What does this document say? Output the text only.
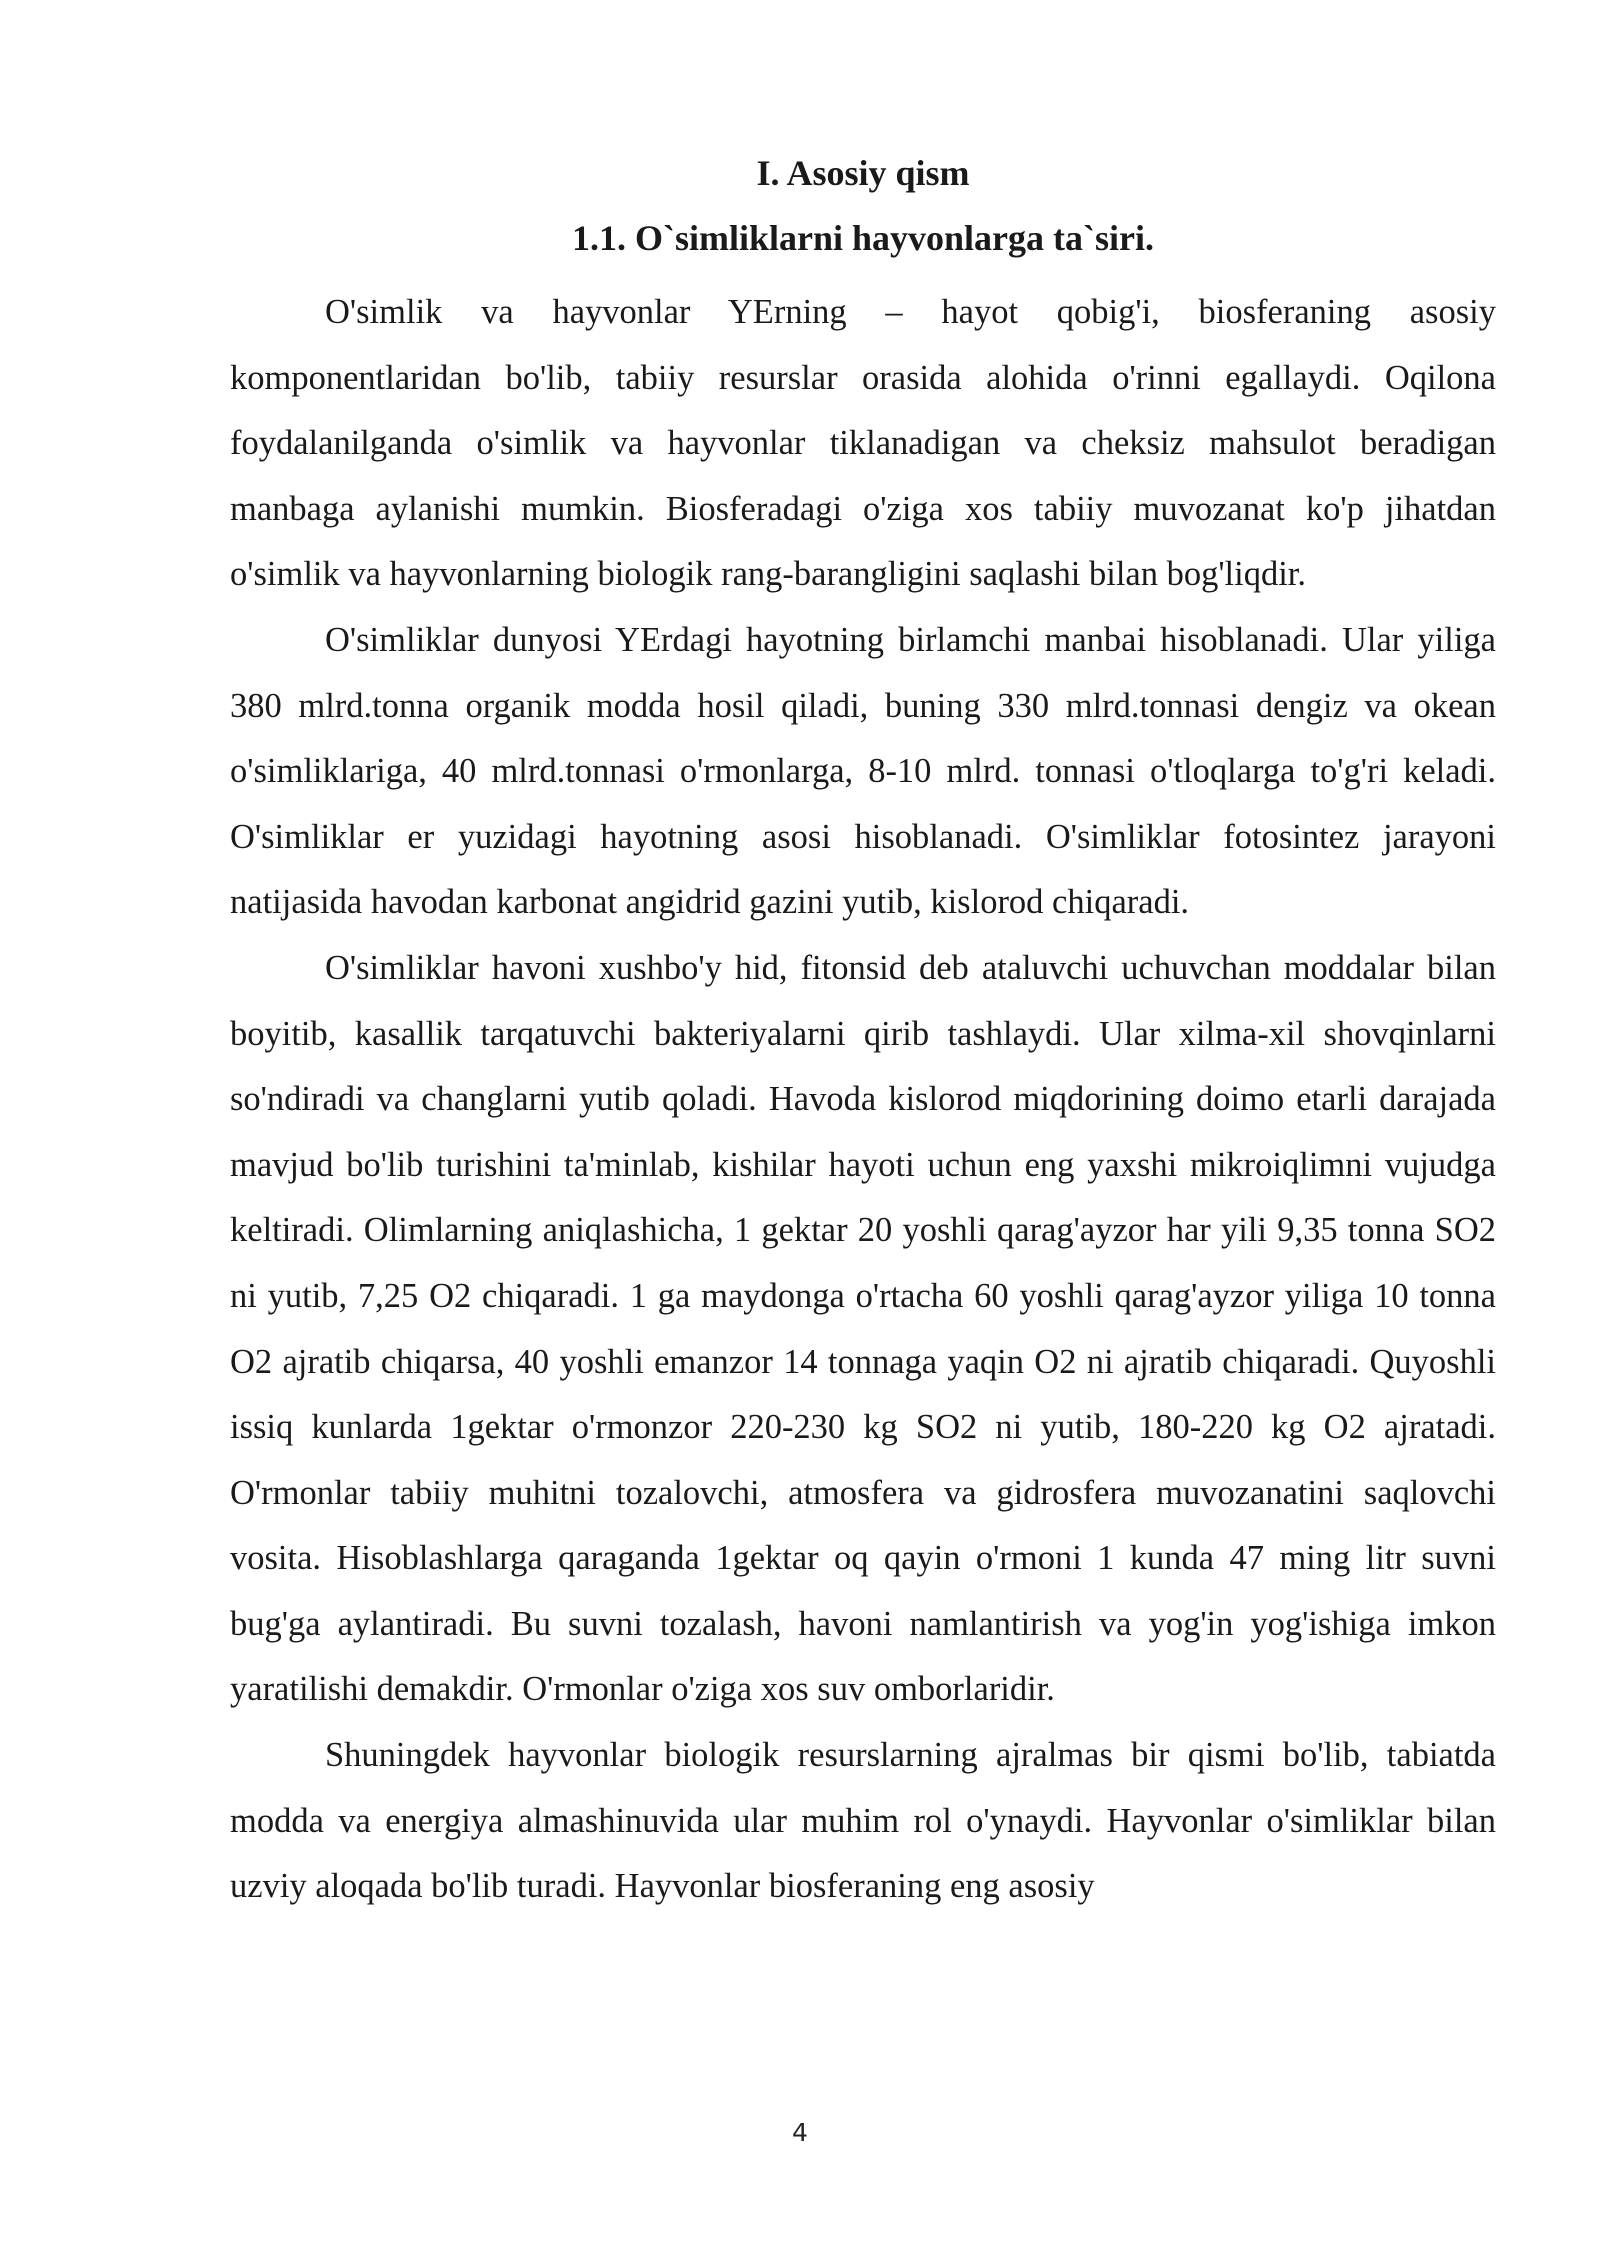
I. Asosiy qism
1.1. O`simliklarni hayvonlarga ta`siri.

O'simlik va hayvonlar YErning – hayot qobig'i, biosferaning asosiy komponentlaridan bo'lib, tabiiy resurslar orasida alohida o'rinni egallaydi. Oqilona foydalanilganda o'simlik va hayvonlar tiklanadigan va cheksiz mahsulot beradigan manbaga aylanishi mumkin. Biosferadagi o'ziga xos tabiiy muvozanat ko'p jihatdan o'simlik va hayvonlarning biologik rang-barangligini saqlashi bilan bog'liqdir.

O'simliklar dunyosi YErdagi hayotning birlamchi manbai hisoblanadi. Ular yiliga 380 mlrd.tonna organik modda hosil qiladi, buning 330 mlrd.tonnasi dengiz va okean o'simliklariga, 40 mlrd.tonnasi o'rmonlarga, 8-10 mlrd. tonnasi o'tloqlarga to'g'ri keladi. O'simliklar er yuzidagi hayotning asosi hisoblanadi. O'simliklar fotosintez jarayoni natijasida havodan karbonat angidrid gazini yutib, kislorod chiqaradi.

O'simliklar havoni xushbo'y hid, fitonsid deb ataluvchi uchuvchan moddalar bilan boyitib, kasallik tarqatuvchi bakteriyalarni qirib tashlaydi. Ular xilma-xil shovqinlarni so'ndiradi va changlarni yutib qoladi. Havoda kislorod miqdorining doimo etarli darajada mavjud bo'lib turishini ta'minlab, kishilar hayoti uchun eng yaxshi mikroiqlimni vujudga keltiradi. Olimlarning aniqlashicha, 1 gektar 20 yoshli qarag'ayzor har yili 9,35 tonna SO2 ni yutib, 7,25 O2 chiqaradi. 1 ga maydonga o'rtacha 60 yoshli qarag'ayzor yiliga 10 tonna O2 ajratib chiqarsa, 40 yoshli emanzor 14 tonnaga yaqin O2 ni ajratib chiqaradi. Quyoshli issiq kunlarda 1gektar o'rmonzor 220-230 kg SO2 ni yutib, 180-220 kg O2 ajratadi. O'rmonlar tabiiy muhitni tozalovchi, atmosfera va gidrosfera muvozanatini saqlovchi vosita. Hisoblashlarga qaraganda 1gektar oq qayin o'rmoni 1 kunda 47 ming litr suvni bug'ga aylantiradi. Bu suvni tozalash, havoni namlantirish va yog'in yog'ishiga imkon yaratilishi demakdir. O'rmonlar o'ziga xos suv omborlaridir.

Shuningdek hayvonlar biologik resurslarning ajralmas bir qismi bo'lib, tabiatda modda va energiya almashinuvida ular muhim rol o'ynaydi. Hayvonlar o'simliklar bilan uzviy aloqada bo'lib turadi. Hayvonlar biosferaning eng asosiy

4
